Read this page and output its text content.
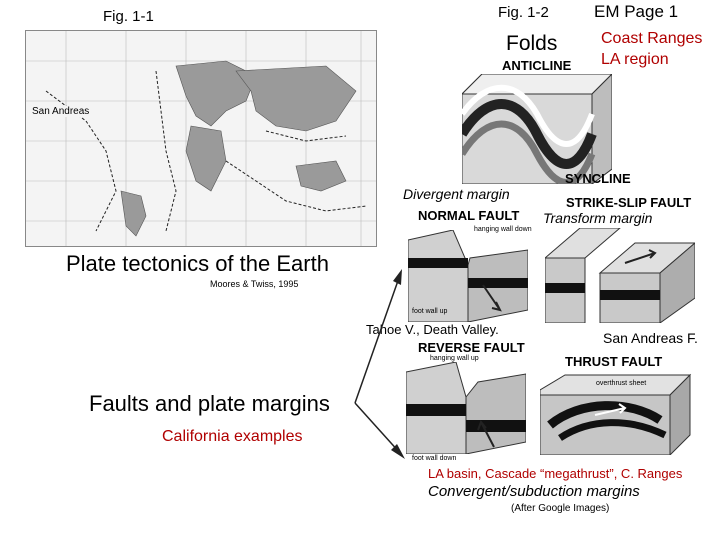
Fig. 1-1	Fig. 1-2	EM Page 1
San Andreas
Folds
ANTICLINE
SYNCLINE
Coast Ranges
LA region
Divergent margin
NORMAL FAULT
hanging wall down
foot wall up
STRIKE-SLIP FAULT
Transform margin
Plate tectonics of the Earth
Moores & Twiss, 1995
Tahoe V., Death Valley.
REVERSE FAULT
hanging wall up
foot wall down
San Andreas F.
THRUST FAULT
overthrust sheet
Faults and plate margins
California examples
LA basin, Cascade “megathrust”, C. Ranges
Convergent/subduction margins
(After Google Images)
